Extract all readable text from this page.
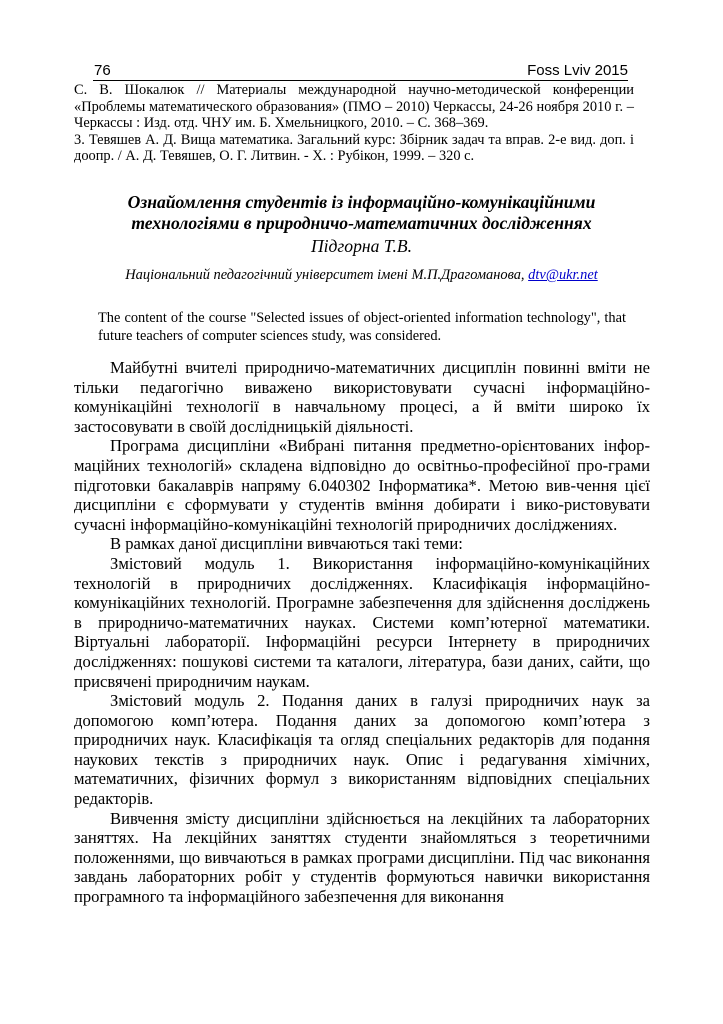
76	Foss Lviv 2015

С. В. Шокалюк // Материалы международной научно-методической конференции «Проблемы математического образования» (ПМО – 2010) Черкассы, 24-26 ноября 2010 г. – Черкассы : Изд. отд. ЧНУ им. Б. Хмельницкого, 2010. – С. 368–369.

3. Тевяшев А. Д. Вища математика. Загальний курс: Збірник задач та вправ. 2-е вид. доп. і доопр. / А. Д. Тевяшев, О. Г. Литвин. - Х. : Рубікон, 1999. – 320 с.

Ознайомлення студентів із інформаційно-комунікаційними технологіями в природничо-математичних дослідженнях
Підгорна Т.В.
Національний педагогічний університет імені М.П.Драгоманова, dtv@ukr.net

The content of the course "Selected issues of object-oriented information technology", that future teachers of computer sciences study, was considered.

Майбутні вчителі природничо-математичних дисциплін повинні вміти не тільки педагогічно виважено використовувати сучасні інформаційно-комунікаційні технології в навчальному процесі, а й вміти широко їх застосовувати в своїй дослідницькій діяльності.

Програма дисципліни «Вибрані питання предметно-орієнтованих інфор-маційних технологій» складена відповідно до освітньо-професійної про-грами підготовки бакалаврів напряму 6.040302 Інформатика*. Метою вив-чення цієї дисципліни є сформувати у студентів вміння добирати і вико-ристовувати сучасні інформаційно-комунікаційні технологій природничих досліджениях.

В рамках даної дисципліни вивчаються такі теми:

Змістовий модуль 1. Використання інформаційно-комунікаційних технологій в природничих дослідженнях. Класифікація інформаційно-комунікаційних технологій. Програмне забезпечення для здійснення досліджень в природничо-математичних науках. Системи комп’ютерної математики. Віртуальні лабораторії. Інформаційні ресурси Інтернету в природничих дослідженнях: пошукові системи та каталоги, література, бази даних, сайти, що присвячені природничим наукам.

Змістовий модуль 2. Подання даних в галузі природничих наук за допомогою комп’ютера. Подання даних за допомогою комп’ютера з природничих наук. Класифікація та огляд спеціальних редакторів для подання наукових текстів з природничих наук. Опис і редагування хімічних, математичних, фізичних формул з використанням відповідних спеціальних редакторів.

Вивчення змісту дисципліни здійснюється на лекційних та лабораторних заняттях. На лекційних заняттях студенти знайомляться з теоретичними положеннями, що вивчаються в рамках програми дисципліни. Під час виконання завдань лабораторних робіт у студентів формуються навички використання програмного та інформаційного забезпечення для виконання
